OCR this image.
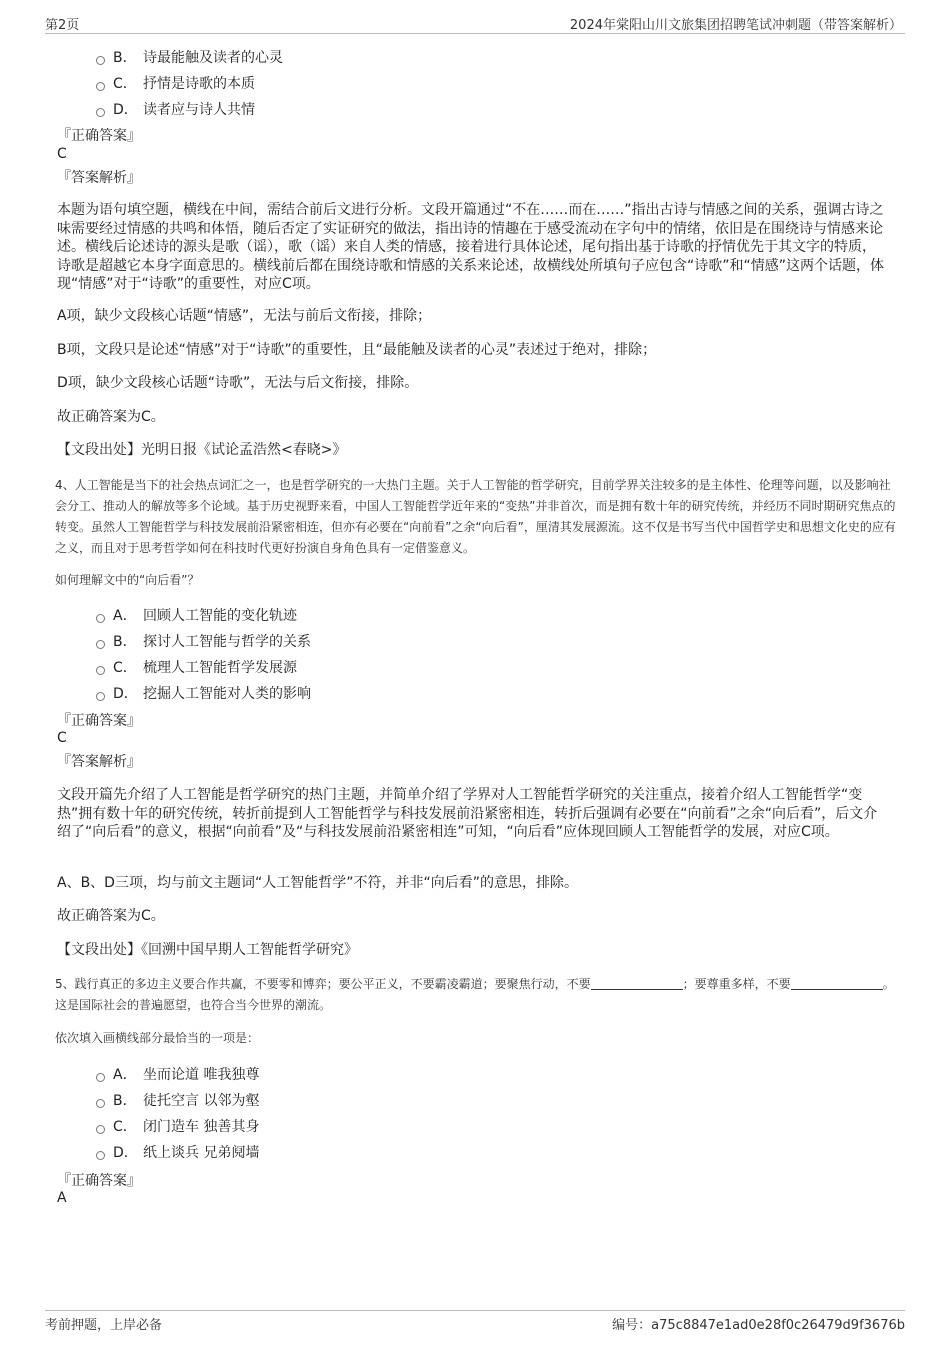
第2页	2024年棠阳山川文旅集团招聘笔试冲刺题（带答案解析）
B． 诗最能触及读者的心灵
C． 抒情是诗歌的本质
D． 读者应与诗人共情
『正确答案』
C
『答案解析』
本题为语句填空题，横线在中间，需结合前后文进行分析。文段开篇通过“不在……而在……”指出古诗与情感之间的关系，强调古诗之味需要经过情感的共鸣和体悟，随后否定了实证研究的做法，指出诗的情趣在于感受流动在字句中的情绪，依旧是在围绕诗与情感来论述。横线后论述诗的源头是歌（谣），歌（谣）来自人类的情感，接着进行具体论述，尾句指出基于诗歌的抒情优先于其文字的特质，诗歌是超越它本身字面意思的。横线前后都在围绕诗歌和情感的关系来论述，故横线处所填句子应包含“诗歌”和“情感”这两个话题，体现“情感”对于“诗歌”的重要性，对应C项。
A项，缺少文段核心话题“情感”，无法与前后文衔接，排除；
B项，文段只是论述“情感”对于“诗歌”的重要性，且“最能触及读者的心灵”表述过于绝对，排除；
D项，缺少文段核心话题“诗歌”，无法与后文衔接，排除。
故正确答案为C。
【文段出处】光明日报《试论孟浩然<春晓>》
4、人工智能是当下的社会热点词汇之一，也是哲学研究的一大热门主题。关于人工智能的哲学研究，目前学界关注较多的是主体性、伦理等问题，以及影响社会分工、推动人的解放等多个论域。基于历史视野来看，中国人工智能哲学近年来的“变热”并非首次，而是拥有数十年的研究传统，并经历不同时期研究焦点的转变。虽然人工智能哲学与科技发展前沿紧密相连，但亦有必要在“向前看”之余“向后看”，厘清其发展源流。这不仅是书写当代中国哲学史和思想文化史的应有之义，而且对于思考哲学如何在科技时代更好扮演自身角色具有一定借鉴意义。
如何理解文中的“向后看”？
A． 回顾人工智能的变化轨迹
B． 探讨人工智能与哲学的关系
C． 梳理人工智能哲学发展源
D． 挖掘人工智能对人类的影响
『正确答案』
C
『答案解析』
文段开篇先介绍了人工智能是哲学研究的热门主题，并简单介绍了学界对人工智能哲学研究的关注重点，接着介绍人工智能哲学“变热”拥有数十年的研究传统，转折前提到人工智能哲学与科技发展前沿紧密相连，转折后强调有必要在“向前看”之余“向后看”，后文介绍了“向后看”的意义，根据“向前看”及“与科技发展前沿紧密相连”可知，“向后看”应体现回顾人工智能哲学的发展，对应C项。
A、B、D三项，均与前文主题词“人工智能哲学”不符，并非“向后看”的意思，排除。
故正确答案为C。
【文段出处】《回溯中国早期人工智能哲学研究》
5、践行真正的多边主义要合作共赢，不要零和博弈；要公平正义，不要霸凌霸道；要聚焦行动，不要	；要尊重多样，不要	。这是国际社会的普遍愿望，也符合当今世界的潮流。
依次填入画横线部分最恰当的一项是：
A． 坐而论道 唯我独尊
B． 徒托空言 以邻为壑
C． 闭门造车 独善其身
D． 纸上谈兵 兄弟阋墙
『正确答案』
A
考前押题，上岸必备	编号：a75c8847e1ad0e28f0c26479d9f3676b
